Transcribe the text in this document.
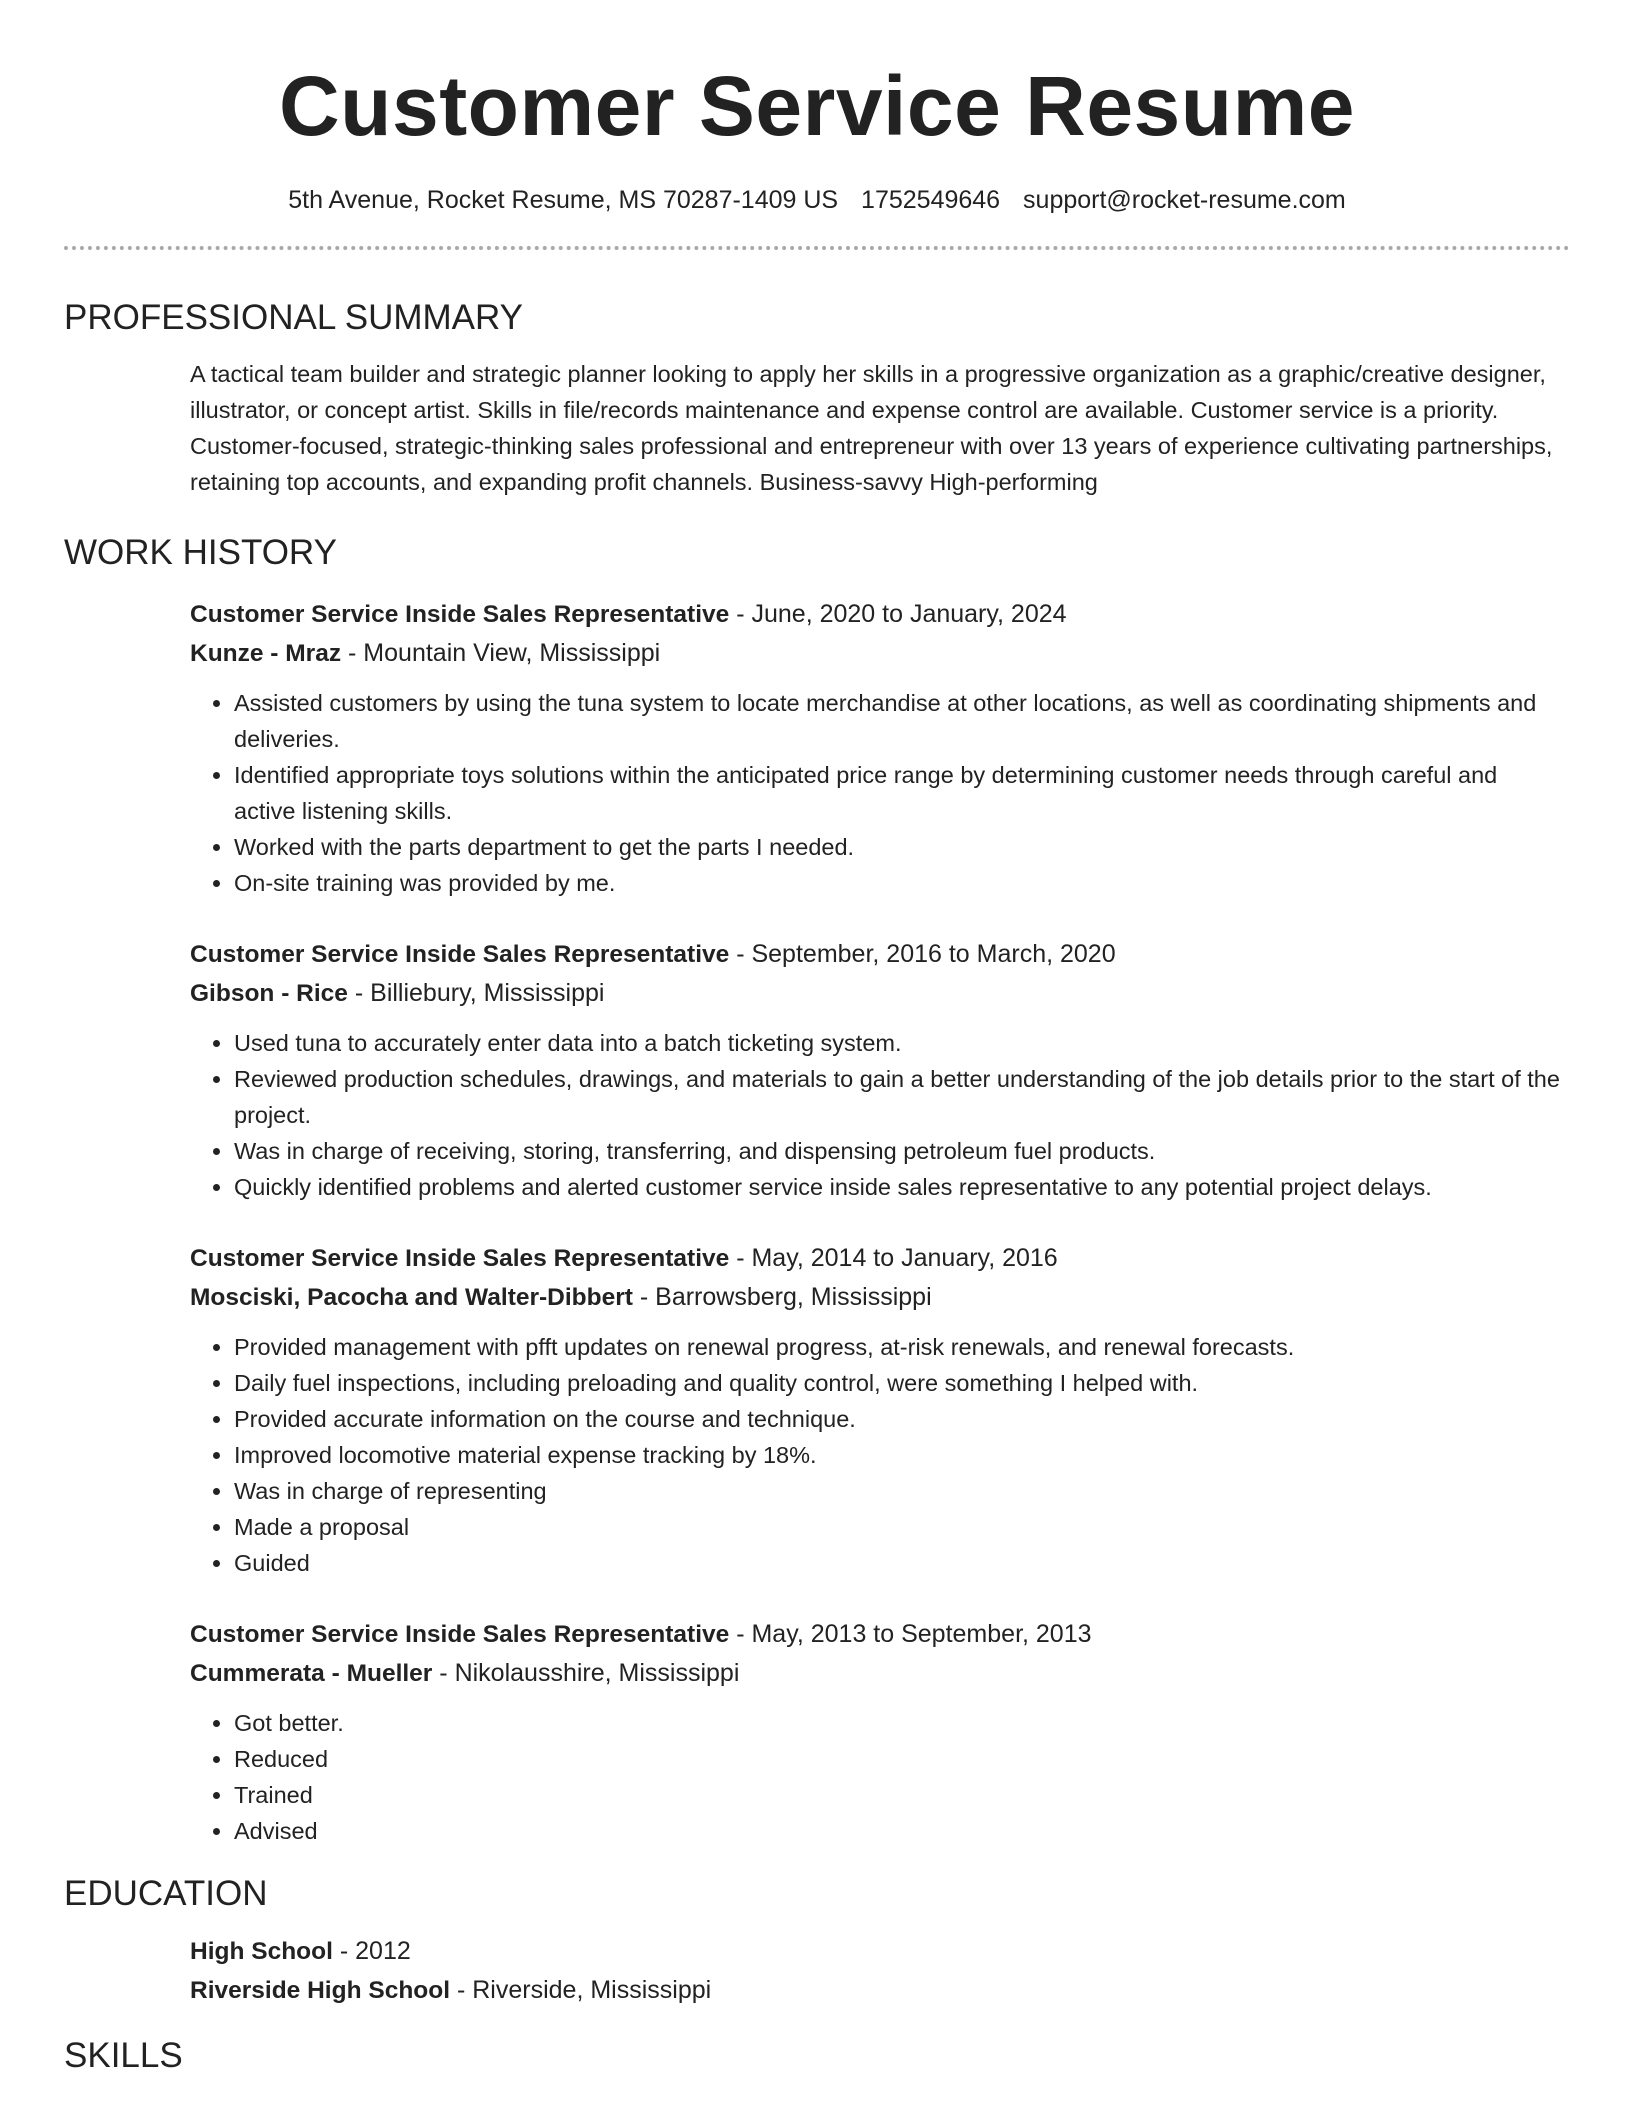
Customer Service Resume
5th Avenue, Rocket Resume, MS 70287-1409 US 1752549646 support@rocket-resume.com
PROFESSIONAL SUMMARY
A tactical team builder and strategic planner looking to apply her skills in a progressive organization as a graphic/creative designer, illustrator, or concept artist. Skills in file/records maintenance and expense control are available. Customer service is a priority. Customer-focused, strategic-thinking sales professional and entrepreneur with over 13 years of experience cultivating partnerships, retaining top accounts, and expanding profit channels. Business-savvy High-performing
WORK HISTORY
Customer Service Inside Sales Representative - June, 2020 to January, 2024
Kunze - Mraz - Mountain View, Mississippi
• Assisted customers by using the tuna system to locate merchandise at other locations, as well as coordinating shipments and deliveries.
• Identified appropriate toys solutions within the anticipated price range by determining customer needs through careful and active listening skills.
• Worked with the parts department to get the parts I needed.
• On-site training was provided by me.
Customer Service Inside Sales Representative - September, 2016 to March, 2020
Gibson - Rice - Billiebury, Mississippi
• Used tuna to accurately enter data into a batch ticketing system.
• Reviewed production schedules, drawings, and materials to gain a better understanding of the job details prior to the start of the project.
• Was in charge of receiving, storing, transferring, and dispensing petroleum fuel products.
• Quickly identified problems and alerted customer service inside sales representative to any potential project delays.
Customer Service Inside Sales Representative - May, 2014 to January, 2016
Mosciski, Pacocha and Walter-Dibbert - Barrowsberg, Mississippi
• Provided management with pfft updates on renewal progress, at-risk renewals, and renewal forecasts.
• Daily fuel inspections, including preloading and quality control, were something I helped with.
• Provided accurate information on the course and technique.
• Improved locomotive material expense tracking by 18%.
• Was in charge of representing
• Made a proposal
• Guided
Customer Service Inside Sales Representative - May, 2013 to September, 2013
Cummerata - Mueller - Nikolausshire, Mississippi
• Got better.
• Reduced
• Trained
• Advised
EDUCATION
High School - 2012
Riverside High School - Riverside, Mississippi
SKILLS
